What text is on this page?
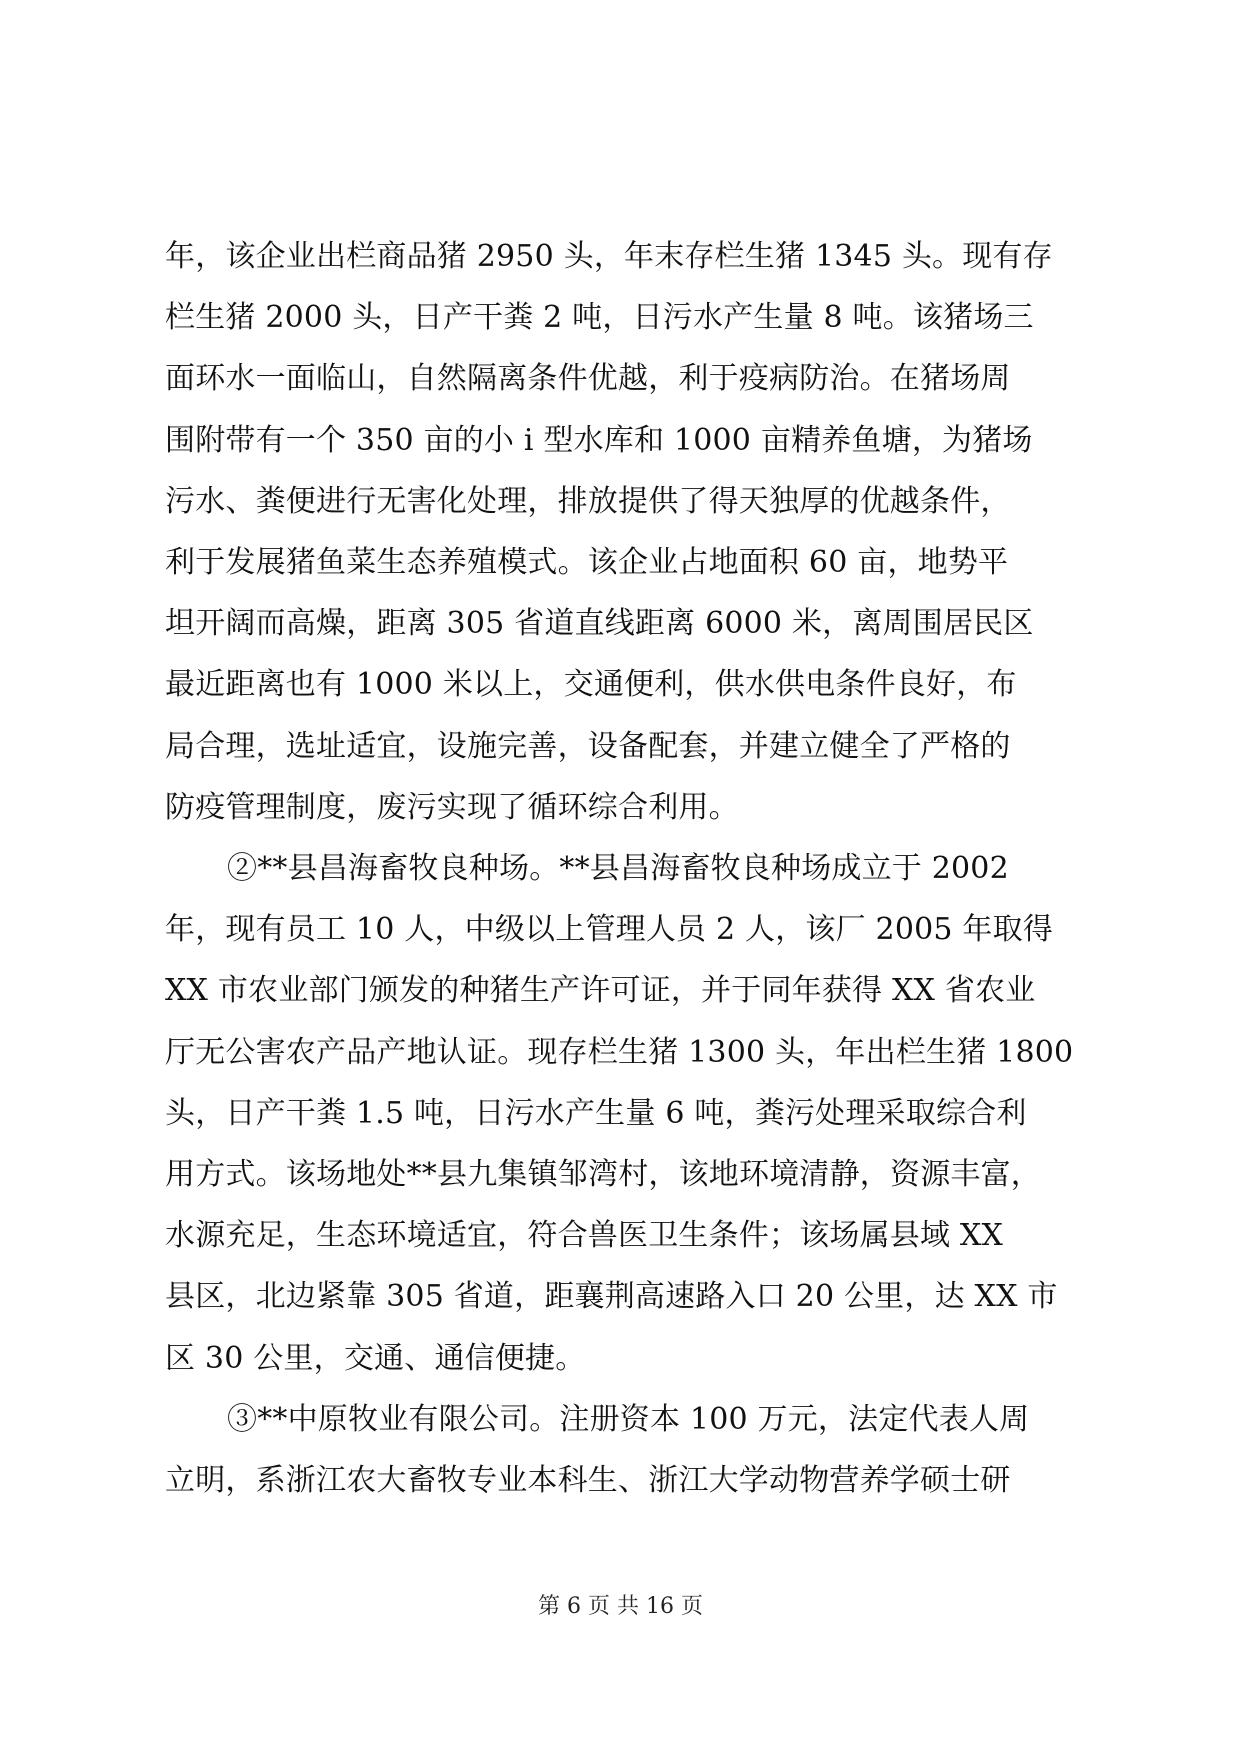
年，该企业出栏商品猪 2950 头，年末存栏生猪 1345 头。现有存
栏生猪 2000 头，日产干粪 2 吨，日污水产生量 8 吨。该猪场三
面环水一面临山，自然隔离条件优越，利于疫病防治。在猪场周
围附带有一个 350 亩的小 i 型水库和 1000 亩精养鱼塘，为猪场
污水、粪便进行无害化处理，排放提供了得天独厚的优越条件，
利于发展猪鱼菜生态养殖模式。该企业占地面积 60 亩，地势平
坦开阔而高燥，距离 305 省道直线距离 6000 米，离周围居民区
最近距离也有 1000 米以上，交通便利，供水供电条件良好，布
局合理，选址适宜，设施完善，设备配套，并建立健全了严格的
防疫管理制度，废污实现了循环综合利用。
②**县昌海畜牧良种场。**县昌海畜牧良种场成立于 2002
年，现有员工 10 人，中级以上管理人员 2 人，该厂 2005 年取得
XX 市农业部门颁发的种猪生产许可证，并于同年获得 XX 省农业
厅无公害农产品产地认证。现存栏生猪 1300 头，年出栏生猪 1800
头，日产干粪 1.5 吨，日污水产生量 6 吨，粪污处理采取综合利
用方式。该场地处**县九集镇邹湾村，该地环境清静，资源丰富，
水源充足，生态环境适宜，符合兽医卫生条件；该场属县域 XX
县区，北边紧靠 305 省道，距襄荆高速路入口 20 公里，达 XX 市
区 30 公里，交通、通信便捷。
③**中原牧业有限公司。注册资本 100 万元，法定代表人周
立明，系浙江农大畜牧专业本科生、浙江大学动物营养学硕士研
第 6 页 共 16 页
